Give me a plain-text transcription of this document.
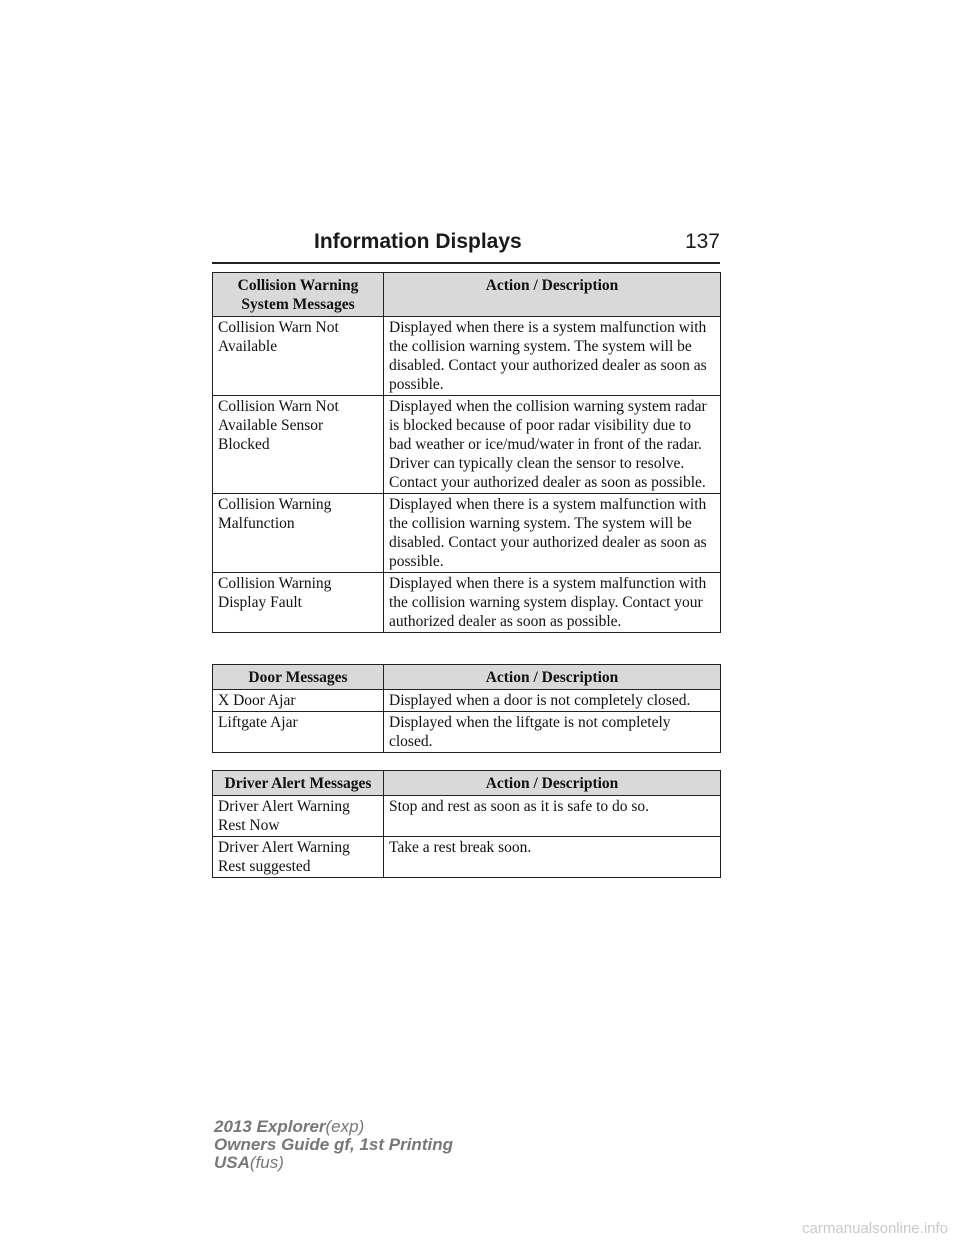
Information Displays	137
Collision Warning System Messages	Action / Description
Collision Warn Not Available	Displayed when there is a system malfunction with the collision warning system. The system will be disabled. Contact your authorized dealer as soon as possible.
Collision Warn Not Available Sensor Blocked	Displayed when the collision warning system radar is blocked because of poor radar visibility due to bad weather or ice/mud/water in front of the radar. Driver can typically clean the sensor to resolve. Contact your authorized dealer as soon as possible.
Collision Warning Malfunction	Displayed when there is a system malfunction with the collision warning system. The system will be disabled. Contact your authorized dealer as soon as possible.
Collision Warning Display Fault	Displayed when there is a system malfunction with the collision warning system display. Contact your authorized dealer as soon as possible.
Door Messages	Action / Description
X Door Ajar	Displayed when a door is not completely closed.
Liftgate Ajar	Displayed when the liftgate is not completely closed.
Driver Alert Messages	Action / Description
Driver Alert Warning Rest Now	Stop and rest as soon as it is safe to do so.
Driver Alert Warning Rest suggested	Take a rest break soon.
2013 Explorer(exp)
Owners Guide gf, 1st Printing
USA(fus)
carmanualsonline.info
